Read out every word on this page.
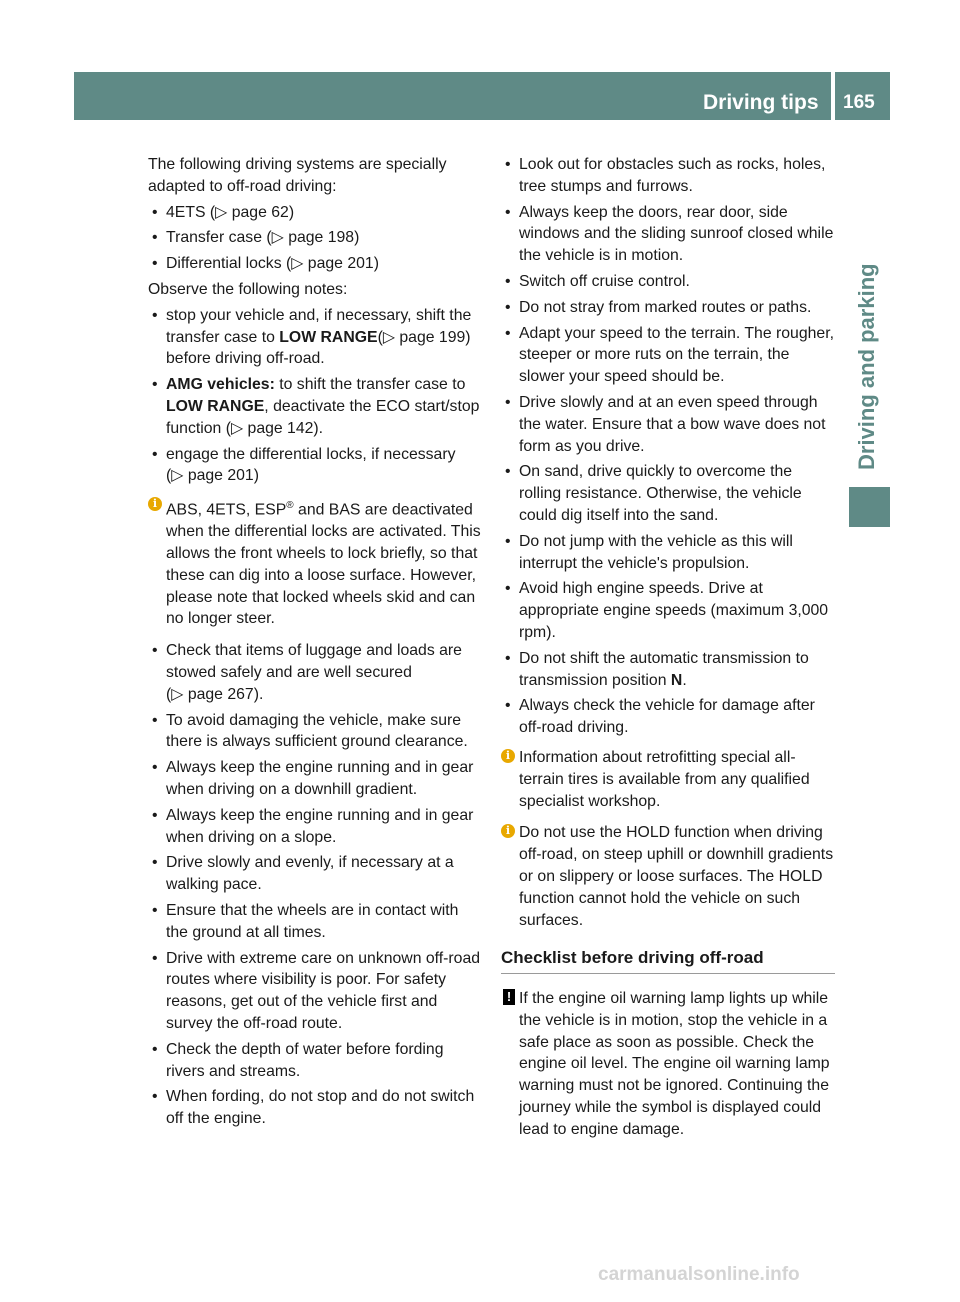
Driving tips 165
Driving and parking

The following driving systems are specially adapted to off-road driving:

• 4ETS (▷ page 62)
• Transfer case (▷ page 198)
• Differential locks (▷ page 201)

Observe the following notes:

• stop your vehicle and, if necessary, shift the transfer case to LOW RANGE(▷ page 199) before driving off-road.
• AMG vehicles: to shift the transfer case to LOW RANGE, deactivate the ECO start/stop function (▷ page 142).
• engage the differential locks, if necessary (▷ page 201)
i ABS, 4ETS, ESP® and BAS are deactivated when the differential locks are activated. This allows the front wheels to lock briefly, so that these can dig into a loose surface. However, please note that locked wheels skid and can no longer steer.
• Check that items of luggage and loads are stowed safely and are well secured (▷ page 267).
• To avoid damaging the vehicle, make sure there is always sufficient ground clearance.
• Always keep the engine running and in gear when driving on a downhill gradient.
• Always keep the engine running and in gear when driving on a slope.
• Drive slowly and evenly, if necessary at a walking pace.
• Ensure that the wheels are in contact with the ground at all times.
• Drive with extreme care on unknown off-road routes where visibility is poor. For safety reasons, get out of the vehicle first and survey the off-road route.
• Check the depth of water before fording rivers and streams.
• When fording, do not stop and do not switch off the engine.
• Look out for obstacles such as rocks, holes, tree stumps and furrows.
• Always keep the doors, rear door, side windows and the sliding sunroof closed while the vehicle is in motion.
• Switch off cruise control.
• Do not stray from marked routes or paths.
• Adapt your speed to the terrain. The rougher, steeper or more ruts on the terrain, the slower your speed should be.
• Drive slowly and at an even speed through the water. Ensure that a bow wave does not form as you drive.
• On sand, drive quickly to overcome the rolling resistance. Otherwise, the vehicle could dig itself into the sand.
• Do not jump with the vehicle as this will interrupt the vehicle's propulsion.
• Avoid high engine speeds. Drive at appropriate engine speeds (maximum 3,000 rpm).
• Do not shift the automatic transmission to transmission position N.
• Always check the vehicle for damage after off-road driving.
i Information about retrofitting special all-terrain tires is available from any qualified specialist workshop.
i Do not use the HOLD function when driving off-road, on steep uphill or downhill gradients or on slippery or loose surfaces. The HOLD function cannot hold the vehicle on such surfaces.
Checklist before driving off-road
! If the engine oil warning lamp lights up while the vehicle is in motion, stop the vehicle in a safe place as soon as possible. Check the engine oil level. The engine oil warning lamp warning must not be ignored. Continuing the journey while the symbol is displayed could lead to engine damage.
carmanualsonline.info
